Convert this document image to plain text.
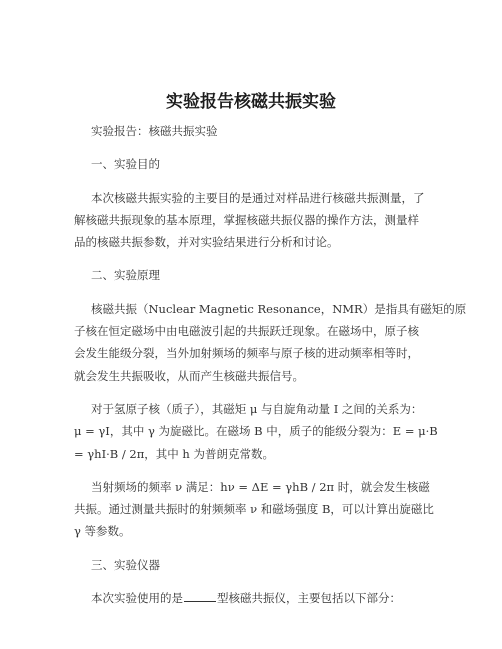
实验报告核磁共振实验
实验报告：核磁共振实验
一、实验目的
本次核磁共振实验的主要目的是通过对样品进行核磁共振测量，了
解核磁共振现象的基本原理，掌握核磁共振仪器的操作方法，测量样
品的核磁共振参数，并对实验结果进行分析和讨论。
二、实验原理
核磁共振（Nuclear Magnetic Resonance，NMR）是指具有磁矩的原
子核在恒定磁场中由电磁波引起的共振跃迁现象。在磁场中，原子核
会发生能级分裂，当外加射频场的频率与原子核的进动频率相等时，
就会发生共振吸收，从而产生核磁共振信号。
对于氢原子核（质子），其磁矩 μ 与自旋角动量 I 之间的关系为：
μ = γI，其中 γ 为旋磁比。在磁场 B 中，质子的能级分裂为：E = μ·B
= γhI·B / 2π，其中 h 为普朗克常数。
当射频场的频率 ν 满足：hν = ΔE = γhB / 2π 时，就会发生核磁
共振。通过测量共振时的射频频率 ν 和磁场强度 B，可以计算出旋磁比
γ 等参数。
三、实验仪器
本次实验使用的是	型核磁共振仪，主要包括以下部分：
